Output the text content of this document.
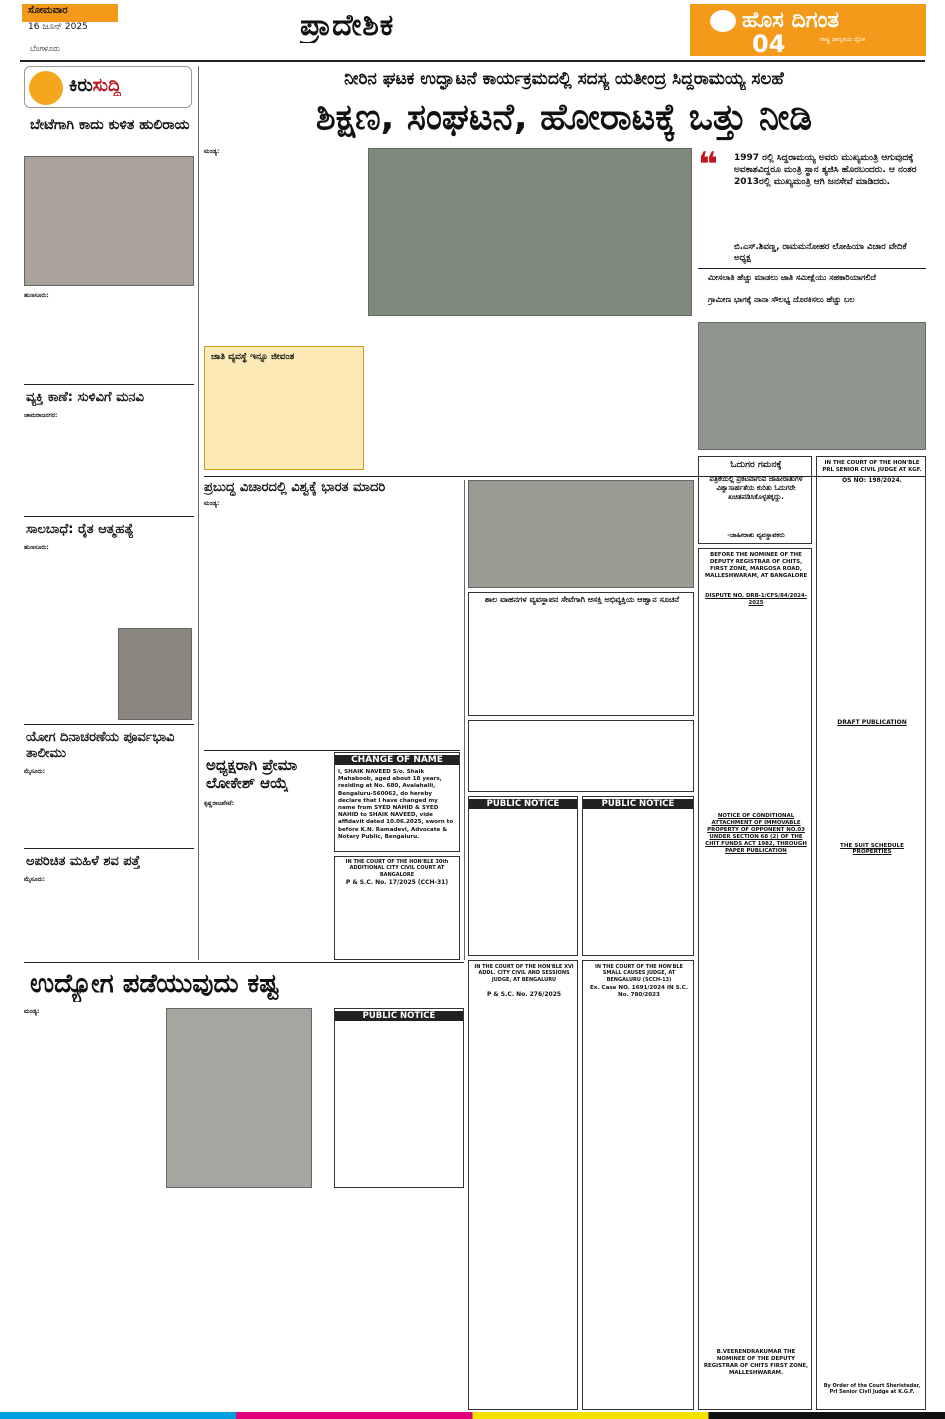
ಸೋಮವಾರ
16 ಜೂನ್ 2025
ಬೆಂಗಳೂರು
ಪ್ರಾದೇಶಿಕ	ಹೊಸ ದಿಗಂತ
ರಾಷ್ಟ್ರ ಜಾಗೃತಿಯ ದೈನಿಕ
04
ಕಿರುಸುದ್ದಿ
ಬೇಟೆಗಾಗಿ ಕಾದು ಕುಳಿತ ಹುಲಿರಾಯ
ಹುಣಸೂರು:
ವ್ಯಕ್ತಿ ಕಾಣೆ: ಸುಳಿವಿಗೆ ಮನವಿ
ಚಾಮರಾಜನಗರ:
ಸಾಲಬಾಧೆ: ರೈತ ಆತ್ಮಹತ್ಯೆ
ಹುಣಸೂರು:
ಯೋಗ ದಿನಾಚರಣೆಯ ಪೂರ್ವಭಾವಿ ತಾಲೀಮು
ಮೈಸೂರು:
ಅಪರಿಚಿತ ಮಹಿಳೆ ಶವ ಪತ್ತೆ
ಮೈಸೂರು:
ನೀರಿನ ಘಟಕ ಉದ್ಘಾಟನೆ ಕಾರ್ಯಕ್ರಮದಲ್ಲಿ ಸದಸ್ಯ ಯತೀಂದ್ರ ಸಿದ್ದರಾಮಯ್ಯ ಸಲಹೆ
ಶಿಕ್ಷಣ, ಸಂಘಟನೆ, ಹೋರಾಟಕ್ಕೆ ಒತ್ತು ನೀಡಿ
ಮಂಡ್ಯ:	❝ 1997 ರಲ್ಲಿ ಸಿದ್ದರಾಮಯ್ಯ ಅವರು ಮುಖ್ಯಮಂತ್ರಿ ಆಗುವುದಕ್ಕೆ ಅವಕಾಶವಿದ್ದರೂ ಮಂತ್ರಿ ಸ್ಥಾನ ತ್ಯಜಿಸಿ ಹೊರಬಂದರು. ಆ ನಂತರ 2013ರಲ್ಲಿ ಮುಖ್ಯಮಂತ್ರಿ ಆಗಿ ಜನಸೇವೆ ಮಾಡಿದರು.
ಬಿ.ಎಸ್.ಶಿವಣ್ಣ, ರಾಮಮನೋಹರ ಲೋಹಿಯಾ ವಿಚಾರ ವೇದಿಕೆ ಅಧ್ಯಕ್ಷ
ಮೀಸಲಾತಿ ಹೆಚ್ಚು ಮಾಡಲು ಜಾತಿ ಸಮೀಕ್ಷೆಯು ಸಹಕಾರಿಯಾಗಲಿದೆ
ಗ್ರಾಮೀಣ ಭಾಗಕ್ಕೆ ನಾನಾ ಸೌಲಭ್ಯ ದೊರಕಿಸಲು ಹೆಚ್ಚು ಬಲ
ಜಾತಿ ವ್ಯವಸ್ಥೆ ಇನ್ನೂ ಜೀವಂತ
ಪ್ರಬುದ್ಧ ವಿಚಾರದಲ್ಲಿ ವಿಶ್ವಕ್ಕೆ ಭಾರತ ಮಾದರಿ
ಮಂಡ್ಯ:
ಅಧ್ಯಕ್ಷರಾಗಿ ಪ್ರೇಮಾ ಲೋಕೇಶ್ ಆಯ್ಕೆ
ಕೃಷ್ಣರಾಜಪೇಟೆ:
CHANGE OF NAME
I, SHAIK NAVEED S/o. Shaik Mahaboob, aged about 18 years, residing at No. 680, Avalahalli, Bengaluru-560062, do hereby declare that I have changed my name from SYED NAHID & SYED NAHID to SHAIK NAVEED, vide affidavit dated 10.06.2025, sworn to before K.N. Ramadevi, Advocate & Notary Public, Bengaluru.
IN THE COURT OF THE HON'BLE 30th ADDITIONAL CITY CIVIL COURT AT BANGALORE
P & S.C. No. 17/2025 (CCH-31)
ಶಾಲ ವಾಹನಗಳ ವ್ಯವಸ್ಥಾಪನ ಸೇವೆಗಾಗಿ ಆಸಕ್ತಿ ಅಭಿವ್ಯಕ್ತಿಯ ಆಹ್ವಾನ ಸೂಚನೆ
PUBLIC NOTICE	PUBLIC NOTICE
ಓದುಗರ ಗಮನಕ್ಕೆ
ಪತ್ರಿಕೆಯಲ್ಲಿ ಪ್ರಕಟವಾಗುವ ಜಾಹೀರಾತುಗಳ ವಿಶ್ವಾಸಾರ್ಹತೆಯ ಕುರಿತು ಓದುಗರೇ ಖಚಿತಪಡಿಸಿಕೊಳ್ಳತಕ್ಕದ್ದು.
-ಜಾಹೀರಾತು ವ್ಯವಸ್ಥಾಪಕರು
BEFORE THE NOMINEE OF THE DEPUTY REGISTRAR OF CHITS, FIRST ZONE, MARGOSA ROAD, MALLESHWARAM, AT BANGALORE
DISPUTE NO. DRB-1/CFS/84/2024-2025
NOTICE OF CONDITIONAL ATTACHMENT OF IMMOVABLE PROPERTY OF OPPONENT NO.03 UNDER SECTION 68 (2) OF THE CHIT FUNDS ACT 1982, THROUGH PAPER PUBLICATION
B.VEERENDRAKUMAR THE NOMINEE OF THE DEPUTY REGISTRAR OF CHITS FIRST ZONE, MALLESHWARAM.
IN THE COURT OF THE HON'BLE PRL SENIOR CIVIL JUDGE AT KGF.
OS NO: 198/2024.
DRAFT PUBLICATION
THE SUIT SCHEDULE PROPERTIES
By Order of the Court Sheristedar, Prl Senior Civil Judge at K.G.F.
ಉದ್ಯೋಗ ಪಡೆಯುವುದು ಕಷ್ಟ
ಮಂಡ್ಯ:	PUBLIC NOTICE
IN THE COURT OF THE HON'BLE XVI ADDL. CITY CIVIL AND SESSIONS JUDGE, AT BENGALURU
P & S.C. No. 276/2025
IN THE COURT OF THE HON'BLE SMALL CAUSES JUDGE, AT BENGALURU (SCCH-13)
Ex. Case NO. 1691/2024 IN S.C. No. 780/2023
